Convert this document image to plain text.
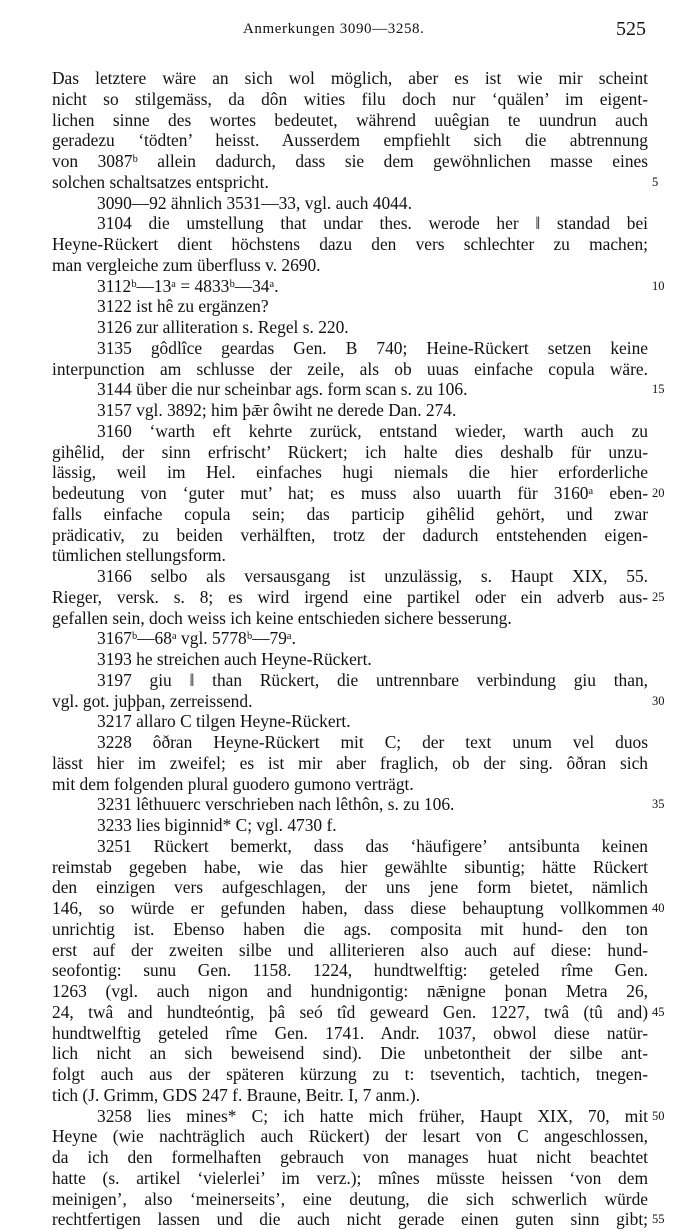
Anmerkungen 3090—3258.	525
Das letztere wäre an sich wol möglich, aber es ist wie mir scheint
nicht so stilgemäss, da dôn wities filu doch nur ‘quälen’ im eigent-
lichen sinne des wortes bedeutet, während uuêgian te uundrun auch
geradezu ‘tödten’ heisst. Ausserdem empfiehlt sich die abtrennung
von 3087ᵇ allein dadurch, dass sie dem gewöhnlichen masse eines
5
solchen schaltsatzes entspricht.
3090—92 ähnlich 3531—33, vgl. auch 4044.
3104 die umstellung that undar thes. werode her ‖ standad bei
Heyne-Rückert dient höchstens dazu den vers schlechter zu machen;
man vergleiche zum überfluss v. 2690.
10
3112ᵇ—13ᵃ = 4833ᵇ—34ᵃ.
3122 ist hê zu ergänzen?
3126 zur alliteration s. Regel s. 220.
3135 gôdlîce geardas Gen. B 740; Heine-Rückert setzen keine
interpunction am schlusse der zeile, als ob uuas einfache copula wäre.
15
3144 über die nur scheinbar ags. form scan s. zu 106.
3157 vgl. 3892; him þǣr ôwiht ne derede Dan. 274.
3160 ‘warth eft kehrte zurück, entstand wieder, warth auch zu
gihêlid, der sinn erfrischt’ Rückert; ich halte dies deshalb für unzu-
lässig, weil im Hel. einfaches hugi niemals die hier erforderliche
20
bedeutung von ‘guter mut’ hat; es muss also uuarth für 3160ᵃ eben-
falls einfache copula sein; das particip gihêlid gehört, und zwar
prädicativ, zu beiden verhälften, trotz der dadurch entstehenden eigen-
tümlichen stellungsform.
3166 selbo als versausgang ist unzulässig, s. Haupt XIX, 55.
25
Rieger, versk. s. 8; es wird irgend eine partikel oder ein adverb aus-
gefallen sein, doch weiss ich keine entschieden sichere besserung.
3167ᵇ—68ᵃ vgl. 5778ᵇ—79ᵃ.
3193 he streichen auch Heyne-Rückert.
3197 giu ‖ than Rückert, die untrennbare verbindung giu than,
30
vgl. got. juþþan, zerreissend.
3217 allaro C tilgen Heyne-Rückert.
3228 ôðran Heyne-Rückert mit C; der text unum vel duos
lässt hier im zweifel; es ist mir aber fraglich, ob der sing. ôðran sich
mit dem folgenden plural guodero gumono verträgt.
35
3231 lêthuuerc verschrieben nach lêthôn, s. zu 106.
3233 lies biginnid* C; vgl. 4730 f.
3251 Rückert bemerkt, dass das ‘häufigere’ antsibunta keinen
reimstab gegeben habe, wie das hier gewählte sibuntig; hätte Rückert
den einzigen vers aufgeschlagen, der uns jene form bietet, nämlich
40
146, so würde er gefunden haben, dass diese behauptung vollkommen
unrichtig ist. Ebenso haben die ags. composita mit hund- den ton
erst auf der zweiten silbe und alliterieren also auch auf diese: hund-
seofontig: sunu Gen. 1158. 1224, hundtwelftig: geteled rîme Gen.
1263 (vgl. auch nigon and hundnigontig: nǣnigne þonan Metra 26,
45
24, twâ and hundteóntig, þâ seó tîd geweard Gen. 1227, twâ (tû and)
hundtwelftig geteled rîme Gen. 1741. Andr. 1037, obwol diese natür-
lich nicht an sich beweisend sind). Die unbetontheit der silbe ant-
folgt auch aus der späteren kürzung zu t: tseventich, tachtich, tnegen-
tich (J. Grimm, GDS 247 f. Braune, Beitr. I, 7 anm.).
50
3258 lies mines* C; ich hatte mich früher, Haupt XIX, 70, mit
Heyne (wie nachträglich auch Rückert) der lesart von C angeschlossen,
da ich den formelhaften gebrauch von manages huat nicht beachtet
hatte (s. artikel ‘vielerlei’ im verz.); mînes müsste heissen ‘von dem
meinigen’, also ‘meinerseits’, eine deutung, die sich schwerlich würde
55
rechtfertigen lassen und die auch nicht gerade einen guten sinn gibt;
